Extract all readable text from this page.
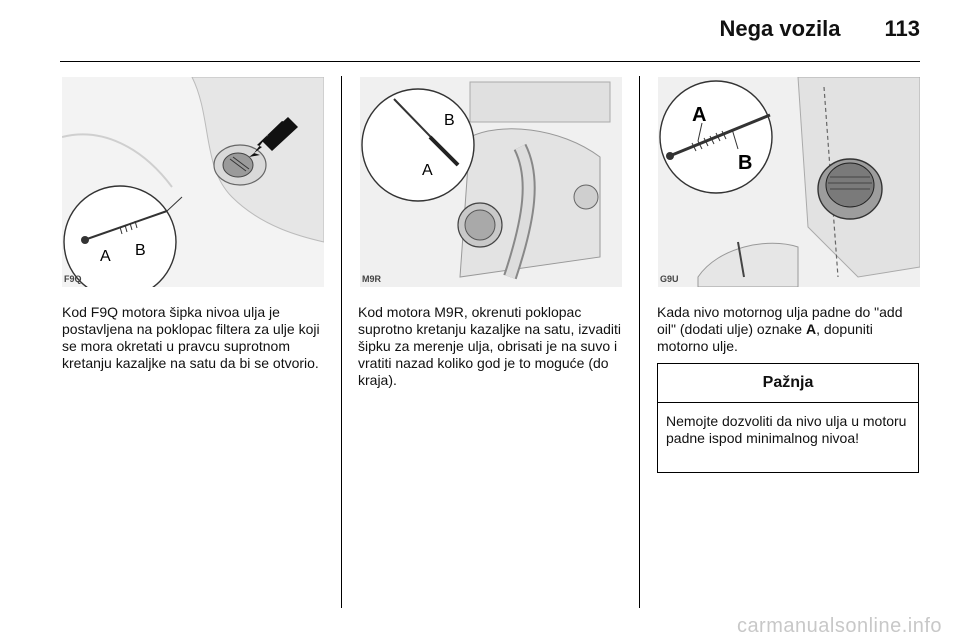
Nega vozila 113
A B
F9Q
B
A
M9R
A
B
G9U
Kod F9Q motora šipka nivoa ulja je postavljena na poklopac filtera za ulje koji se mora okretati u pravcu suprotnom kretanju kazaljke na satu da bi se otvorio.
Kod motora M9R, okrenuti poklopac suprotno kretanju kazaljke na satu, izvaditi šipku za merenje ulja, obrisati je na suvo i vratiti nazad koliko god je to moguće (do kraja).
Kada nivo motornog ulja padne do "add oil" (dodati ulje) oznake A, dopuniti motorno ulje.
Pažnja
Nemojte dozvoliti da nivo ulja u motoru padne ispod minimalnog nivoa!
carmanualsonline.info
